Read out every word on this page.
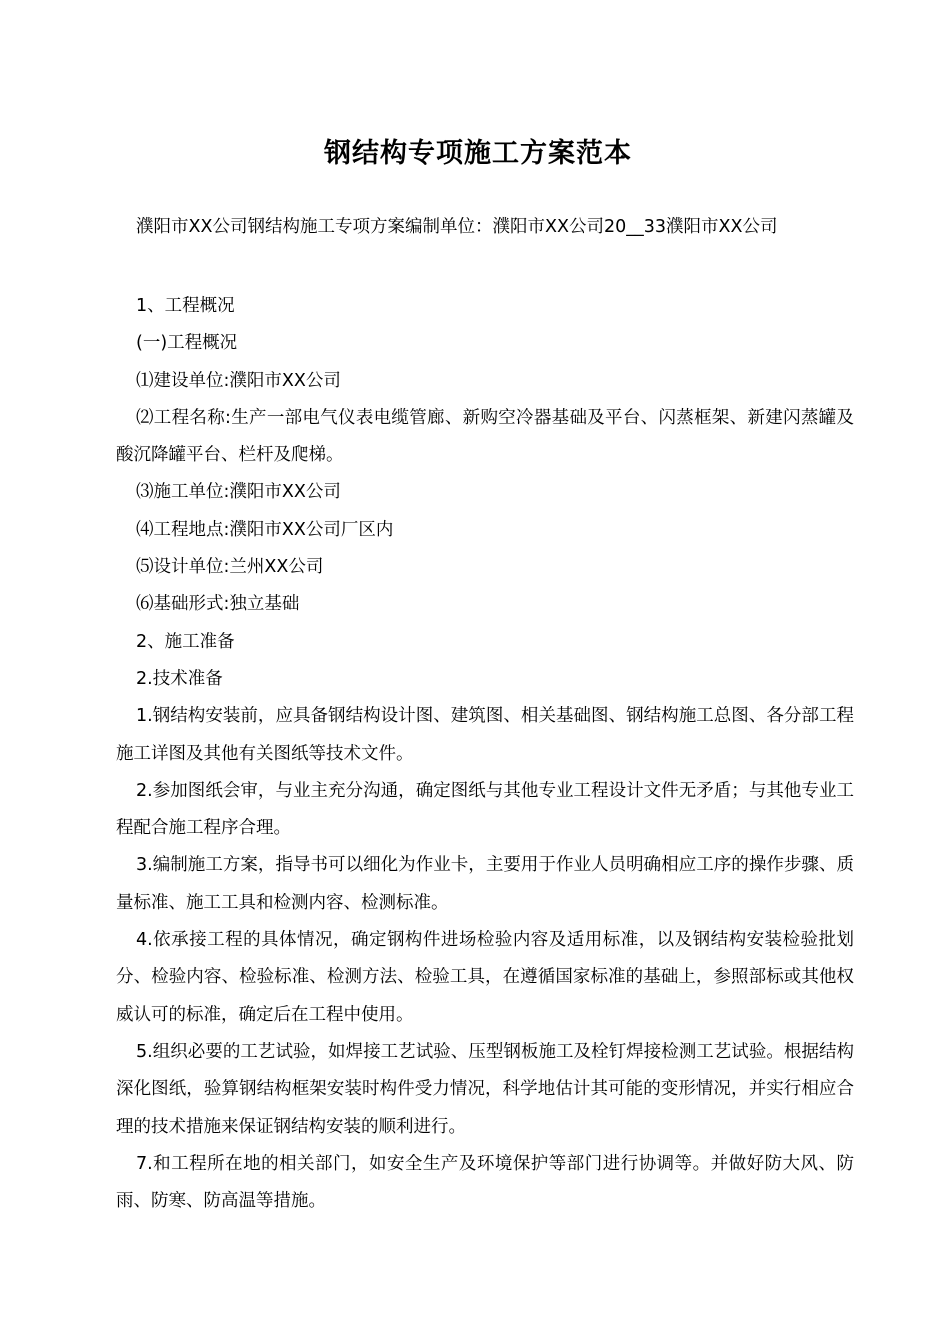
钢结构专项施工方案范本
濮阳市XX公司钢结构施工专项方案编制单位：濮阳市XX公司20__33濮阳市XX公司

1、工程概况

(一)工程概况

⑴建设单位:濮阳市XX公司

⑵工程名称:生产一部电气仪表电缆管廊、新购空冷器基础及平台、闪蒸框架、新建闪蒸罐及酸沉降罐平台、栏杆及爬梯。

⑶施工单位:濮阳市XX公司

⑷工程地点:濮阳市XX公司厂区内

⑸设计单位:兰州XX公司

⑹基础形式:独立基础

2、施工准备

2.技术准备

1.钢结构安装前，应具备钢结构设计图、建筑图、相关基础图、钢结构施工总图、各分部工程施工详图及其他有关图纸等技术文件。

2.参加图纸会审，与业主充分沟通，确定图纸与其他专业工程设计文件无矛盾；与其他专业工程配合施工程序合理。

3.编制施工方案，指导书可以细化为作业卡，主要用于作业人员明确相应工序的操作步骤、质量标准、施工工具和检测内容、检测标准。

4.依承接工程的具体情况，确定钢构件进场检验内容及适用标准，以及钢结构安装检验批划分、检验内容、检验标准、检测方法、检验工具，在遵循国家标准的基础上，参照部标或其他权威认可的标准，确定后在工程中使用。

5.组织必要的工艺试验，如焊接工艺试验、压型钢板施工及栓钉焊接检测工艺试验。根据结构深化图纸，验算钢结构框架安装时构件受力情况，科学地估计其可能的变形情况，并实行相应合理的技术措施来保证钢结构安装的顺利进行。

7.和工程所在地的相关部门，如安全生产及环境保护等部门进行协调等。并做好防大风、防雨、防寒、防高温等措施。
